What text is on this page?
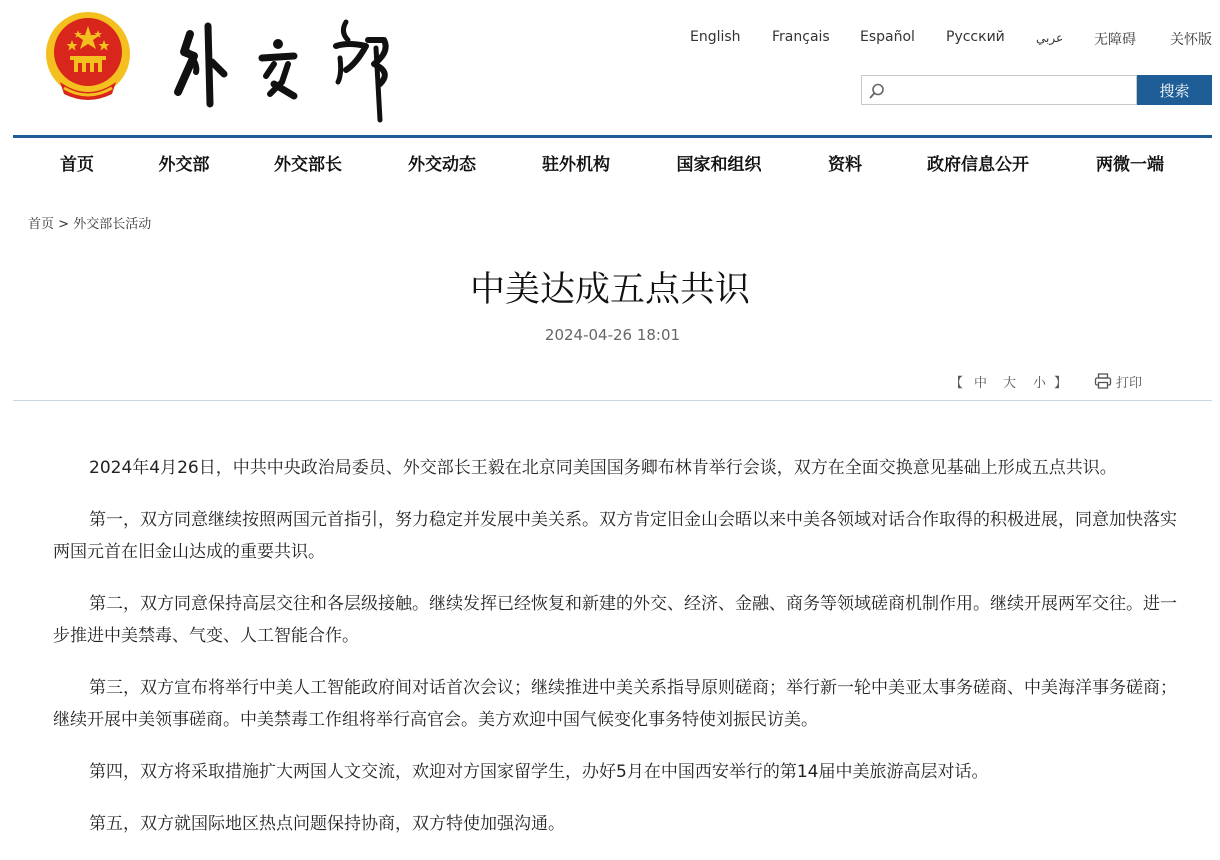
English Français Español Русский	عربي 无障碍 关怀版
搜索
首页	外交部	外交部长	外交动态	驻外机构	国家和组织	资料	政府信息公开	两微一端
首页 > 外交部长活动
中美达成五点共识
2024-04-26 18:01
【 中 大 小 】	打印

2024年4月26日，中共中央政治局委员、外交部长王毅在北京同美国国务卿布林肯举行会谈，双方在全面交换意见基础上形成五点共识。

第一，双方同意继续按照两国元首指引，努力稳定并发展中美关系。双方肯定旧金山会晤以来中美各领域对话合作取得的积极进展，同意加快落实两国元首在旧金山达成的重要共识。

第二，双方同意保持高层交往和各层级接触。继续发挥已经恢复和新建的外交、经济、金融、商务等领域磋商机制作用。继续开展两军交往。进一步推进中美禁毒、气变、人工智能合作。

第三，双方宣布将举行中美人工智能政府间对话首次会议；继续推进中美关系指导原则磋商；举行新一轮中美亚太事务磋商、中美海洋事务磋商；继续开展中美领事磋商。中美禁毒工作组将举行高官会。美方欢迎中国气候变化事务特使刘振民访美。

第四，双方将采取措施扩大两国人文交流，欢迎对方国家留学生，办好5月在中国西安举行的第14届中美旅游高层对话。

第五，双方就国际地区热点问题保持协商，双方特使加强沟通。
